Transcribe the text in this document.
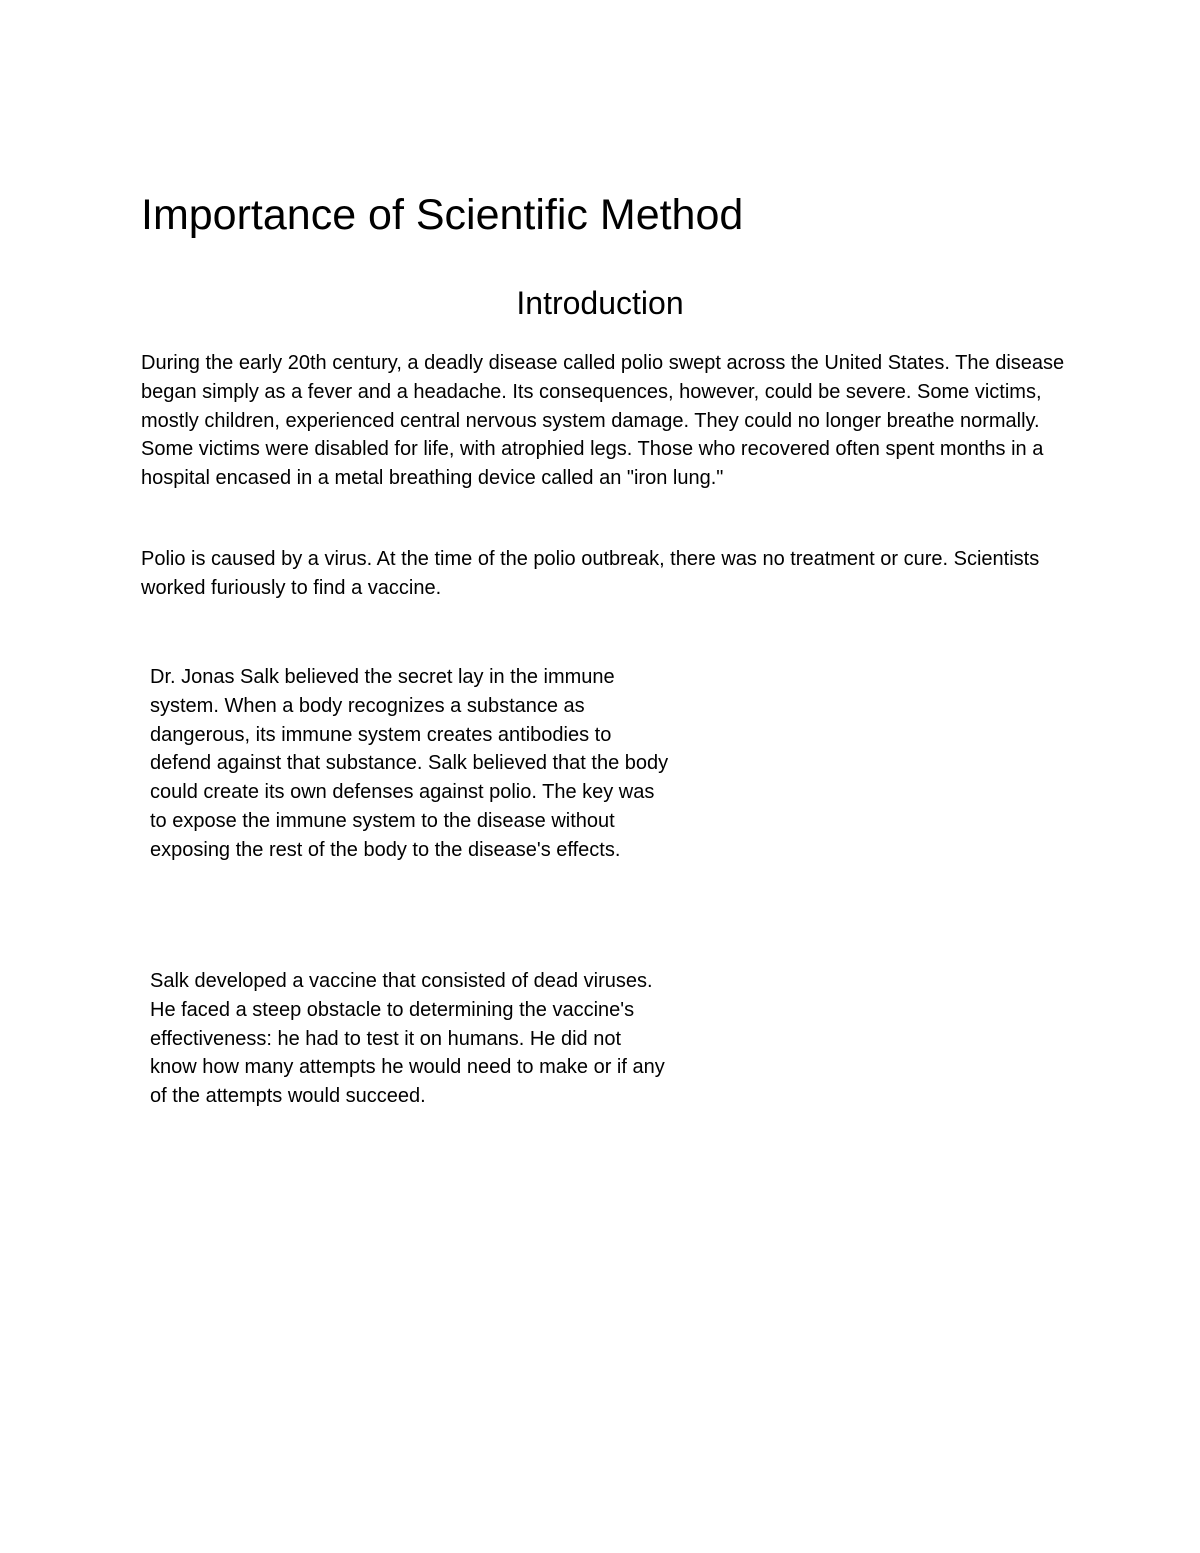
Importance of Scientific Method
Introduction

During the early 20th century, a deadly disease called polio swept across the United States. The disease began simply as a fever and a headache. Its consequences, however, could be severe. Some victims, mostly children, experienced central nervous system damage. They could no longer breathe normally. Some victims were disabled for life, with atrophied legs. Those who recovered often spent months in a hospital encased in a metal breathing device called an "iron lung."

Polio is caused by a virus. At the time of the polio outbreak, there was no treatment or cure. Scientists worked furiously to find a vaccine.

Dr. Jonas Salk believed the secret lay in the immune system. When a body recognizes a substance as dangerous, its immune system creates antibodies to defend against that substance. Salk believed that the body could create its own defenses against polio. The key was to expose the immune system to the disease without exposing the rest of the body to the disease's effects.

Salk developed a vaccine that consisted of dead viruses. He faced a steep obstacle to determining the vaccine's effectiveness: he had to test it on humans. He did not know how many attempts he would need to make or if any of the attempts would succeed.
